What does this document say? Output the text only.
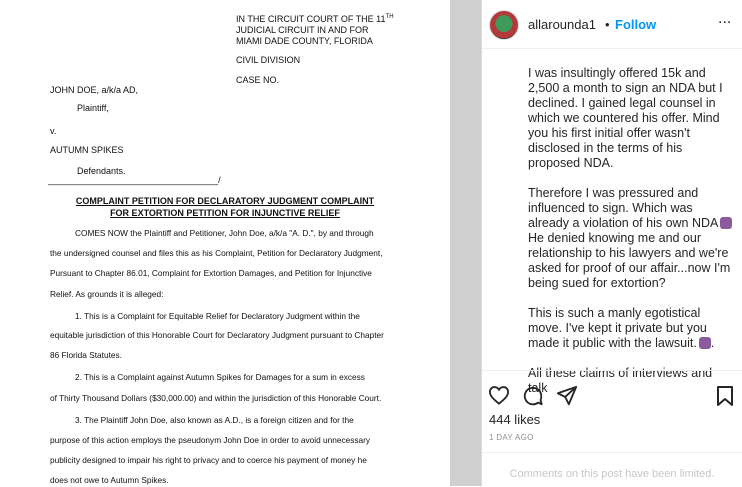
IN THE CIRCUIT COURT OF THE 11TH
JUDICIAL CIRCUIT IN AND FOR
MIAMI DADE COUNTY, FLORIDA
CIVIL DIVISION
CASE NO.
JOHN DOE, a/k/a AD,
Plaintiff,
v.
AUTUMN SPIKES
Defendants.
__________________________________/
COMPLAINT PETITION FOR DECLARATORY JUDGMENT COMPLAINT
FOR EXTORTION PETITION FOR INJUNCTIVE RELIEF
COMES NOW the Plaintiff and Petitioner, John Doe, a/k/a "A. D.", by and through
the undersigned counsel and files this as his Complaint, Petition for Declaratory Judgment,
Pursuant to Chapter 86.01, Complaint for Extortion Damages, and Petition for Injunctive
Relief. As grounds it is alleged:
1. This is a Complaint for Equitable Relief for Declaratory Judgment within the
equitable jurisdiction of this Honorable Court for Declaratory Judgment pursuant to Chapter
86 Florida Statutes.
2. This is a Complaint against Autumn Spikes for Damages for a sum in excess
of Thirty Thousand Dollars ($30,000.00) and within the jurisdiction of this Honorable Court.
3. The Plaintiff John Doe, also known as A.D., is a foreign citizen and for the
purpose of this action employs the pseudonym John Doe in order to avoid unnecessary
publicity designed to impair his right to privacy and to coerce his payment of money he
does not owe to Autumn Spikes.
allarounda1 • Follow	...

I was insultingly offered 15k and 2,500 a month to sign an NDA but I declined. I gained legal counsel in which we countered his offer. Mind you his first initial offer wasn't disclosed in the terms of his proposed NDA.

Therefore I was pressured and influenced to sign. Which was already a violation of his own NDA He denied knowing me and our relationship to his lawyers and we're asked for proof of our affair...now I'm being sued for extortion?

This is such a manly egotistical move. I've kept it private but you made it public with the lawsuit. .

All these claims of interviews and talk

444 likes
1 DAY AGO
Comments on this post have been limited.
